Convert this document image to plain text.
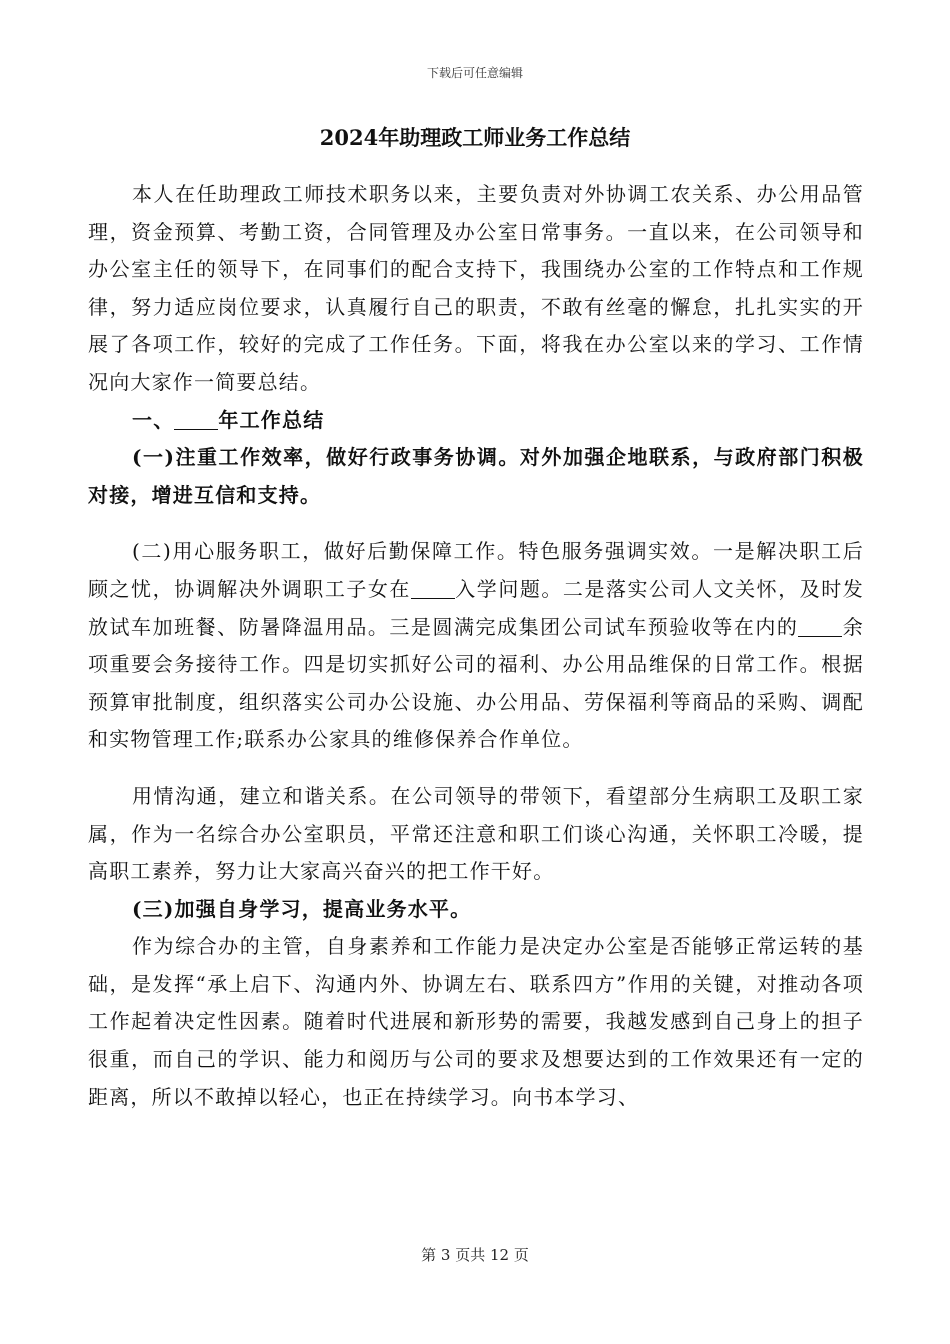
下载后可任意编辑
2024年助理政工师业务工作总结

本人在任助理政工师技术职务以来，主要负责对外协调工农关系、办公用品管理，资金预算、考勤工资，合同管理及办公室日常事务。一直以来，在公司领导和办公室主任的领导下，在同事们的配合支持下，我围绕办公室的工作特点和工作规律，努力适应岗位要求，认真履行自己的职责，不敢有丝毫的懈怠，扎扎实实的开展了各项工作，较好的完成了工作任务。下面，将我在办公室以来的学习、工作情况向大家作一简要总结。

一、 年工作总结

(一)注重工作效率，做好行政事务协调。对外加强企地联系，与政府部门积极对接，增进互信和支持。

(二)用心服务职工，做好后勤保障工作。特色服务强调实效。一是解决职工后顾之忧，协调解决外调职工子女在 入学问题。二是落实公司人文关怀，及时发放试车加班餐、防暑降温用品。三是圆满完成集团公司试车预验收等在内的 余项重要会务接待工作。四是切实抓好公司的福利、办公用品维保的日常工作。根据预算审批制度，组织落实公司办公设施、办公用品、劳保福利等商品的采购、调配和实物管理工作;联系办公家具的维修保养合作单位。

用情沟通，建立和谐关系。在公司领导的带领下，看望部分生病职工及职工家属，作为一名综合办公室职员，平常还注意和职工们谈心沟通，关怀职工冷暖，提高职工素养，努力让大家高兴奋兴的把工作干好。

(三)加强自身学习，提高业务水平。

作为综合办的主管，自身素养和工作能力是决定办公室是否能够正常运转的基础，是发挥“承上启下、沟通内外、协调左右、联系四方”作用的关键，对推动各项工作起着决定性因素。随着时代进展和新形势的需要，我越发感到自己身上的担子很重，而自己的学识、能力和阅历与公司的要求及想要达到的工作效果还有一定的距离，所以不敢掉以轻心，也正在持续学习。向书本学习、

第 3 页共 12 页
